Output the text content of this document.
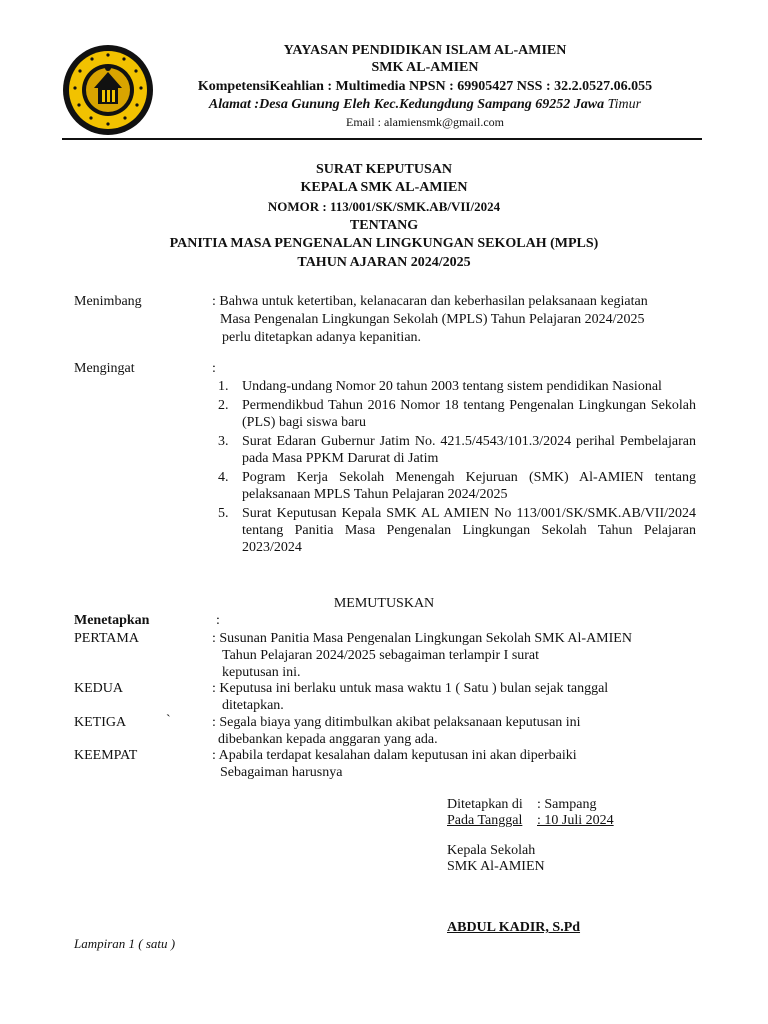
YAYASAN PENDIDIKAN ISLAM AL-AMIEN
SMK AL-AMIEN
KompetensiKeahlian : Multimedia NPSN : 69905427 NSS : 32.2.0527.06.055
Alamat :Desa Gunung Eleh Kec.Kedungdung Sampang 69252 Jawa Timur
Email : alamiensmk@gmail.com
SURAT KEPUTUSAN
KEPALA SMK AL-AMIEN
NOMOR : 113/001/SK/SMK.AB/VII/2024
TENTANG
PANITIA MASA PENGENALAN LINGKUNGAN SEKOLAH (MPLS)
TAHUN AJARAN 2024/2025
Menimbang	: Bahwa untuk ketertiban, kelanacaran dan keberhasilan pelaksanaan kegiatan
Masa Pengenalan Lingkungan Sekolah (MPLS) Tahun Pelajaran 2024/2025
perlu ditetapkan adanya kepanitian.
Mengingat	:
1. Undang-undang Nomor 20 tahun 2003 tentang sistem pendidikan Nasional
2. Permendikbud Tahun 2016 Nomor 18 tentang Pengenalan Lingkungan Sekolah (PLS) bagi siswa baru
3. Surat Edaran Gubernur Jatim No. 421.5/4543/101.3/2024 perihal Pembelajaran pada Masa PPKM Darurat di Jatim
4. Pogram Kerja Sekolah Menengah Kejuruan (SMK) Al-AMIEN tentang pelaksanaan MPLS Tahun Pelajaran 2024/2025
5. Surat Keputusan Kepala SMK AL AMIEN No 113/001/SK/SMK.AB/VII/2024 tentang Panitia Masa Pengenalan Lingkungan Sekolah Tahun Pelajaran 2023/2024
MEMUTUSKAN
Menetapkan	:
PERTAMA	: Susunan Panitia Masa Pengenalan Lingkungan Sekolah SMK Al-AMIEN
Tahun Pelajaran 2024/2025 sebagaiman terlampir I surat
keputusan ini.
KEDUA	: Keputusa ini berlaku untuk masa waktu 1 ( Satu ) bulan sejak tanggal
ditetapkan.
KETIGA	`	: Segala biaya yang ditimbulkan akibat pelaksanaan keputusan ini
dibebankan kepada anggaran yang ada.
KEEMPAT	: Apabila terdapat kesalahan dalam keputusan ini akan diperbaiki
Sebagaiman harusnya
Ditetapkan di : Sampang
Pada Tanggal	: 10 Juli 2024
Kepala Sekolah
SMK Al-AMIEN
ABDUL KADIR, S.Pd
Lampiran 1 ( satu )
